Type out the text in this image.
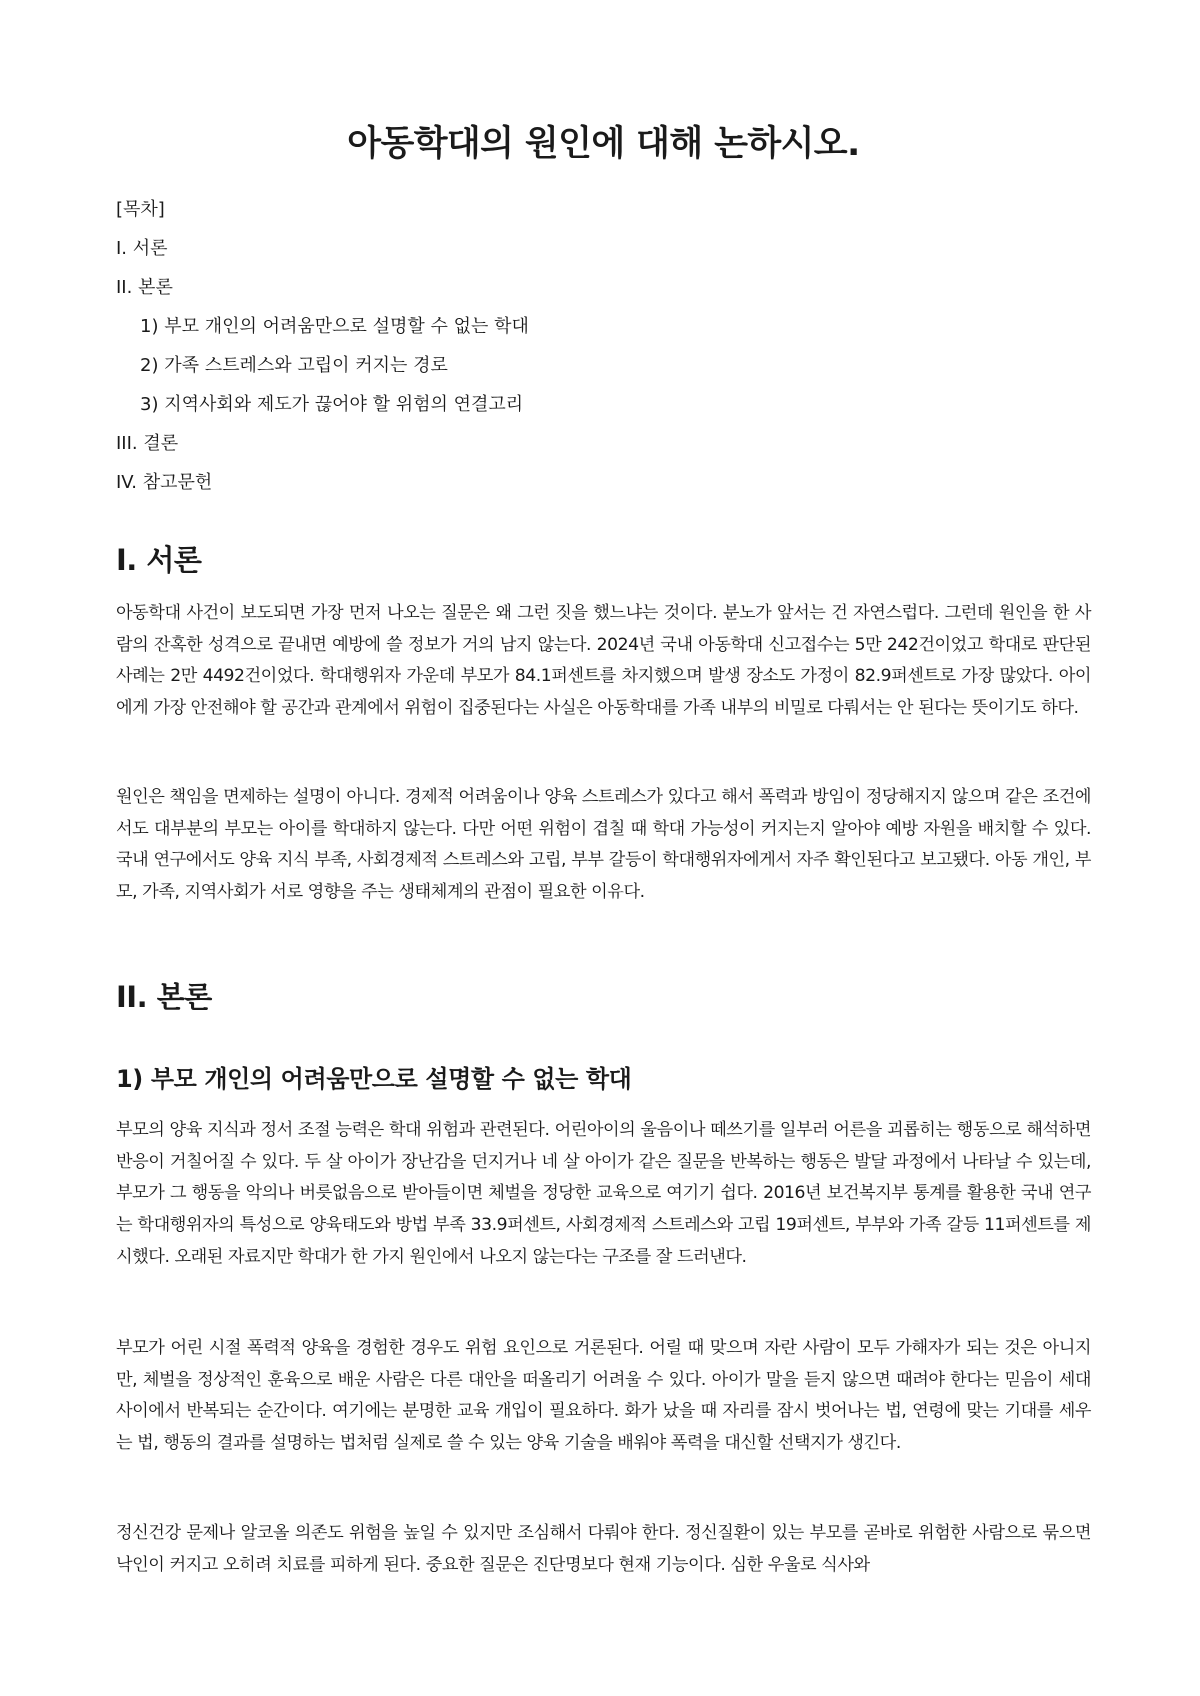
아동학대의 원인에 대해 논하시오.
[목차]
I. 서론
II. 본론
1) 부모 개인의 어려움만으로 설명할 수 없는 학대
2) 가족 스트레스와 고립이 커지는 경로
3) 지역사회와 제도가 끊어야 할 위험의 연결고리
III. 결론
IV. 참고문헌
I. 서론

아동학대 사건이 보도되면 가장 먼저 나오는 질문은 왜 그런 짓을 했느냐는 것이다. 분노가 앞서는 건 자연스럽다. 그런데 원인을 한 사람의 잔혹한 성격으로 끝내면 예방에 쓸 정보가 거의 남지 않는다. 2024년 국내 아동학대 신고접수는 5만 242건이었고 학대로 판단된 사례는 2만 4492건이었다. 학대행위자 가운데 부모가 84.1퍼센트를 차지했으며 발생 장소도 가정이 82.9퍼센트로 가장 많았다. 아이에게 가장 안전해야 할 공간과 관계에서 위험이 집중된다는 사실은 아동학대를 가족 내부의 비밀로 다뤄서는 안 된다는 뜻이기도 하다.

원인은 책임을 면제하는 설명이 아니다. 경제적 어려움이나 양육 스트레스가 있다고 해서 폭력과 방임이 정당해지지 않으며 같은 조건에서도 대부분의 부모는 아이를 학대하지 않는다. 다만 어떤 위험이 겹칠 때 학대 가능성이 커지는지 알아야 예방 자원을 배치할 수 있다. 국내 연구에서도 양육 지식 부족, 사회경제적 스트레스와 고립, 부부 갈등이 학대행위자에게서 자주 확인된다고 보고됐다. 아동 개인, 부모, 가족, 지역사회가 서로 영향을 주는 생태체계의 관점이 필요한 이유다.

II. 본론
1) 부모 개인의 어려움만으로 설명할 수 없는 학대

부모의 양육 지식과 정서 조절 능력은 학대 위험과 관련된다. 어린아이의 울음이나 떼쓰기를 일부러 어른을 괴롭히는 행동으로 해석하면 반응이 거칠어질 수 있다. 두 살 아이가 장난감을 던지거나 네 살 아이가 같은 질문을 반복하는 행동은 발달 과정에서 나타날 수 있는데, 부모가 그 행동을 악의나 버릇없음으로 받아들이면 체벌을 정당한 교육으로 여기기 쉽다. 2016년 보건복지부 통계를 활용한 국내 연구는 학대행위자의 특성으로 양육태도와 방법 부족 33.9퍼센트, 사회경제적 스트레스와 고립 19퍼센트, 부부와 가족 갈등 11퍼센트를 제시했다. 오래된 자료지만 학대가 한 가지 원인에서 나오지 않는다는 구조를 잘 드러낸다.

부모가 어린 시절 폭력적 양육을 경험한 경우도 위험 요인으로 거론된다. 어릴 때 맞으며 자란 사람이 모두 가해자가 되는 것은 아니지만, 체벌을 정상적인 훈육으로 배운 사람은 다른 대안을 떠올리기 어려울 수 있다. 아이가 말을 듣지 않으면 때려야 한다는 믿음이 세대 사이에서 반복되는 순간이다. 여기에는 분명한 교육 개입이 필요하다. 화가 났을 때 자리를 잠시 벗어나는 법, 연령에 맞는 기대를 세우는 법, 행동의 결과를 설명하는 법처럼 실제로 쓸 수 있는 양육 기술을 배워야 폭력을 대신할 선택지가 생긴다.

정신건강 문제나 알코올 의존도 위험을 높일 수 있지만 조심해서 다뤄야 한다. 정신질환이 있는 부모를 곧바로 위험한 사람으로 묶으면 낙인이 커지고 오히려 치료를 피하게 된다. 중요한 질문은 진단명보다 현재 기능이다. 심한 우울로 식사와
